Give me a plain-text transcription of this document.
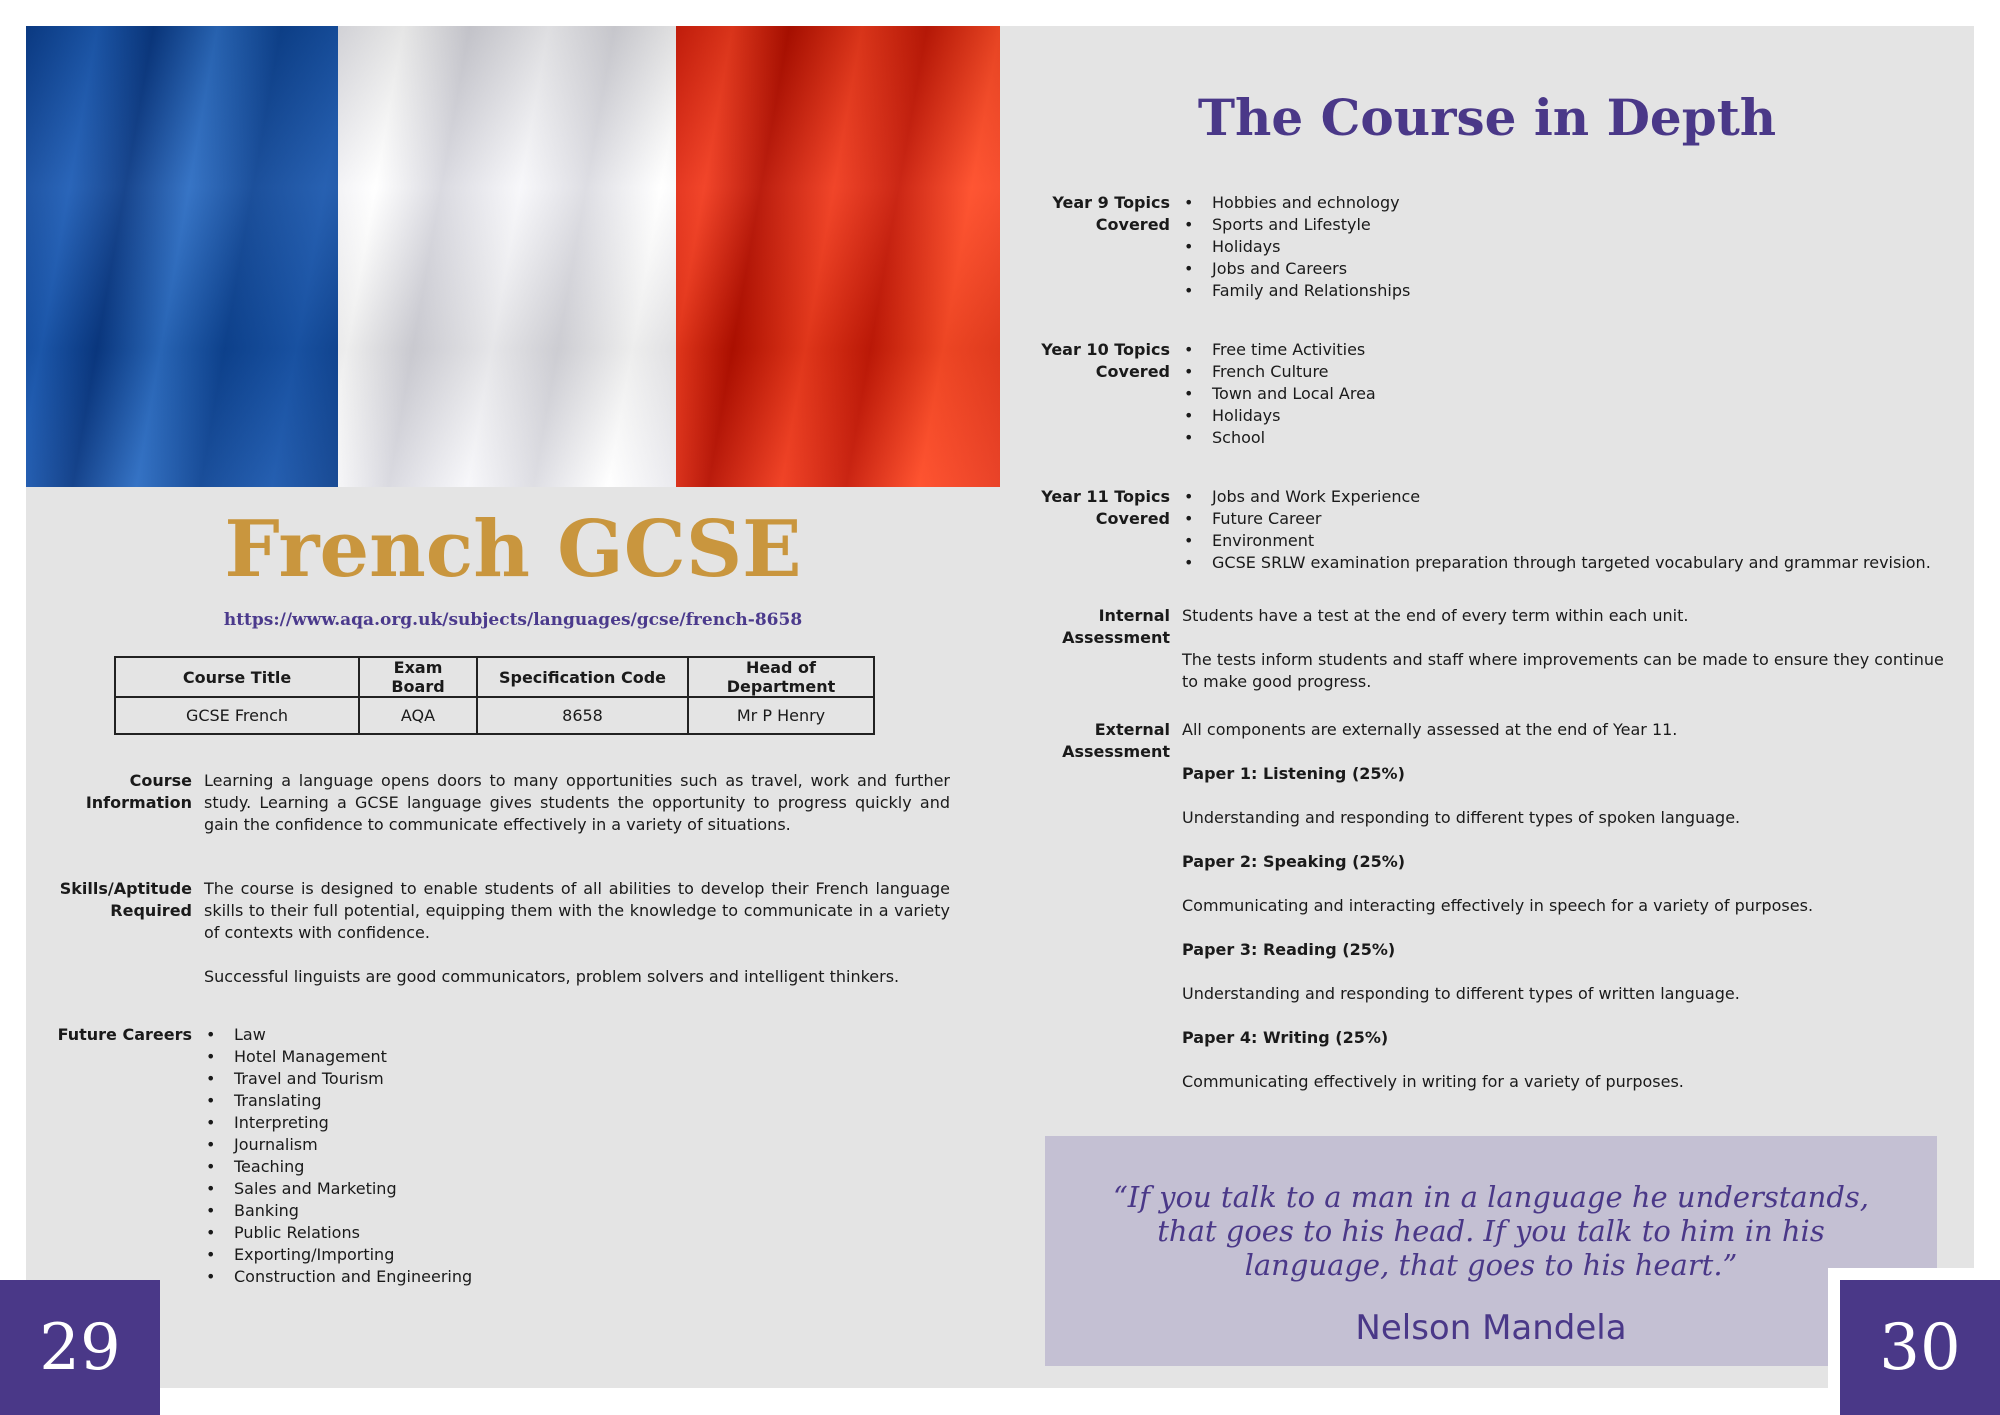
French GCSE
https://www.aqa.org.uk/subjects/languages/gcse/french-8658
Course Title	Exam Board	Specification Code	Head of Department
GCSE French	AQA	8658	Mr P Henry
Course
Information
Learning a language opens doors to many opportunities such as travel, work and further study. Learning a GCSE language gives students the opportunity to progress quickly and gain the confidence to communicate effectively in a variety of situations.
Skills/Aptitude
Required

The course is designed to enable students of all abilities to develop their French language skills to their full potential, equipping them with the knowledge to communicate in a variety of contexts with confidence.

Successful linguists are good communicators, problem solvers and intelligent thinkers.

Future Careers	• Law
• Hotel Management
• Travel and Tourism
• Translating
• Interpreting
• Journalism
• Teaching
• Sales and Marketing
• Banking
• Public Relations
• Exporting/Importing
• Construction and Engineering
The Course in Depth
Year 9 Topics
Covered
• Hobbies and echnology
• Sports and Lifestyle
• Holidays
• Jobs and Careers
• Family and Relationships
Year 10 Topics
Covered
• Free time Activities
• French Culture
• Town and Local Area
• Holidays
• School
Year 11 Topics
Covered
• Jobs and Work Experience
• Future Career
• Environment
• GCSE SRLW examination preparation through targeted vocabulary and grammar revision.
Internal
Assessment

Students have a test at the end of every term within each unit.

The tests inform students and staff where improvements can be made to ensure they continue to make good progress.

External
Assessment

All components are externally assessed at the end of Year 11.

Paper 1: Listening (25%)

Understanding and responding to different types of spoken language.

Paper 2: Speaking (25%)

Communicating and interacting effectively in speech for a variety of purposes.

Paper 3: Reading (25%)

Understanding and responding to different types of written language.

Paper 4: Writing (25%)

Communicating effectively in writing for a variety of purposes.

“If you talk to a man in a language he understands, that goes to his head. If you talk to him in his language, that goes to his heart.”
Nelson Mandela
29	30
